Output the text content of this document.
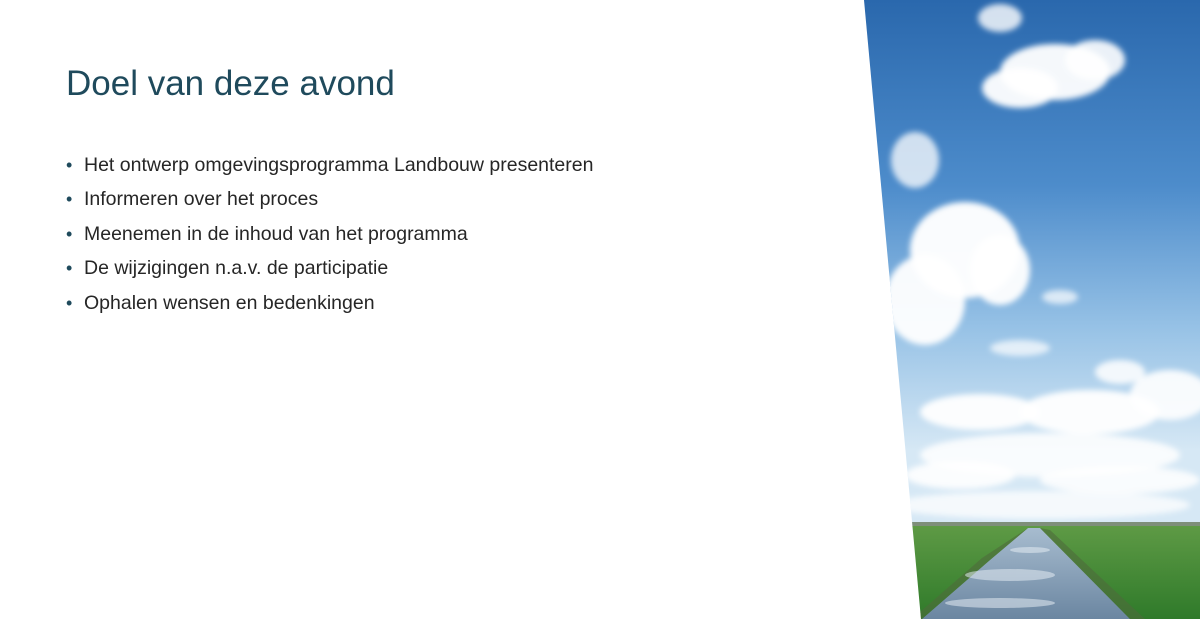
Doel van deze avond
• Het ontwerp omgevingsprogramma Landbouw presenteren
• Informeren over het proces
• Meenemen in de inhoud van het programma
• De wijzigingen n.a.v. de participatie
• Ophalen wensen en bedenkingen
